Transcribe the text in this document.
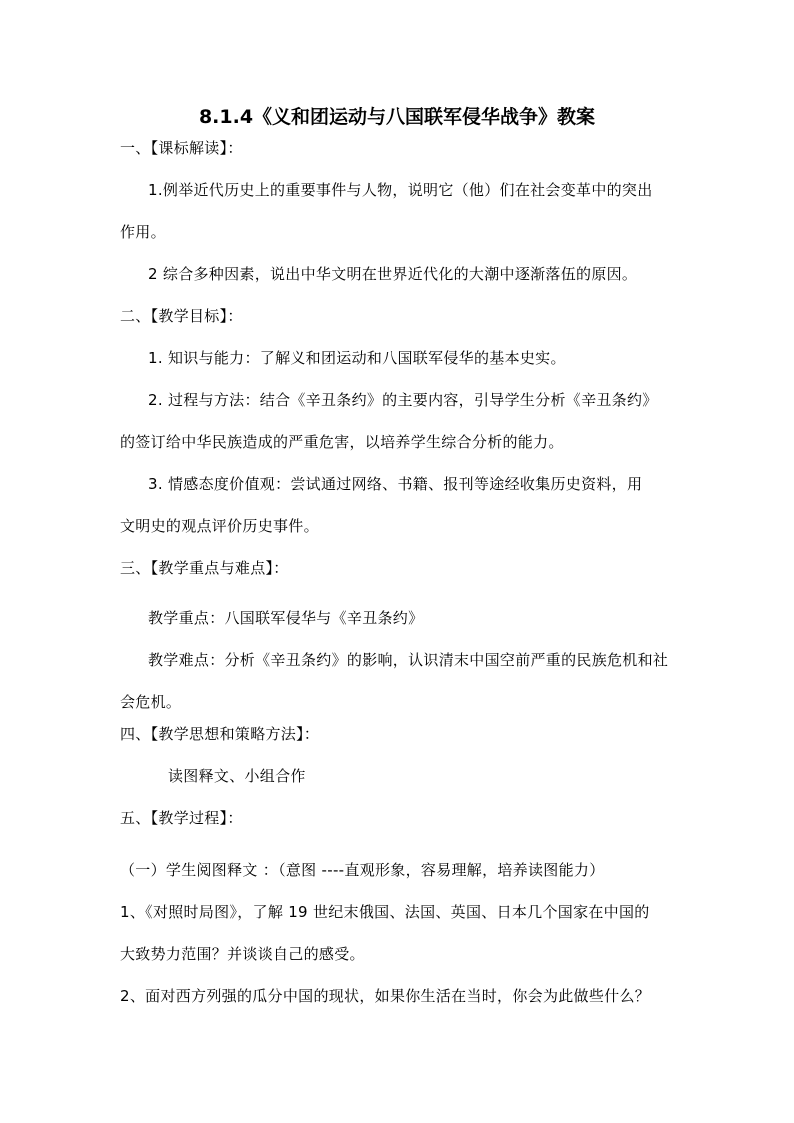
8.1.4《义和团运动与八国联军侵华战争》教案
一、【课标解读】：
1.例举近代历史上的重要事件与人物，说明它（他）们在社会变革中的突出
作用。
2 综合多种因素，说出中华文明在世界近代化的大潮中逐渐落伍的原因。
二、【教学目标】：
1. 知识与能力：了解义和团运动和八国联军侵华的基本史实。
2. 过程与方法：结合《辛丑条约》的主要内容，引导学生分析《辛丑条约》
的签订给中华民族造成的严重危害，以培养学生综合分析的能力。
3. 情感态度价值观：尝试通过网络、书籍、报刊等途经收集历史资料，用
文明史的观点评价历史事件。
三、【教学重点与难点】：
教学重点：八国联军侵华与《辛丑条约》
教学难点：分析《辛丑条约》的影响，认识清末中国空前严重的民族危机和社
会危机。
四、【教学思想和策略方法】：
读图释文、小组合作
五、【教学过程】：
（一）学生阅图释文 ：（意图 ----直观形象，容易理解，培养读图能力）
1、《对照时局图》，了解 19 世纪末俄国、法国、英国、日本几个国家在中国的
大致势力范围？并谈谈自己的感受。
2、面对西方列强的瓜分中国的现状，如果你生活在当时，你会为此做些什么？
